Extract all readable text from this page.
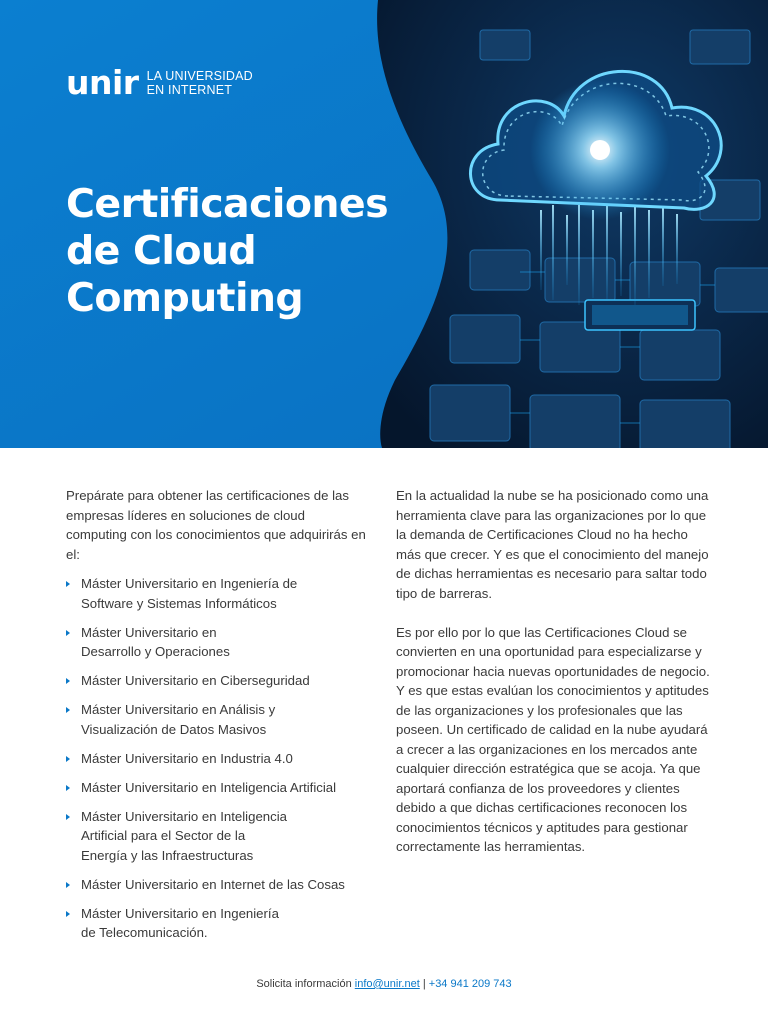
unir LA UNIVERSIDAD
EN INTERNET
Certificaciones
de Cloud
Computing

Prepárate para obtener las certificaciones de las empresas líderes en soluciones de cloud computing con los conocimientos que adquirirás en el:

Máster Universitario en Ingeniería de
Software y Sistemas Informáticos
Máster Universitario en
Desarrollo y Operaciones
Máster Universitario en Ciberseguridad
Máster Universitario en Análisis y
Visualización de Datos Masivos
Máster Universitario en Industria 4.0
Máster Universitario en Inteligencia Artificial
Máster Universitario en Inteligencia
Artificial para el Sector de la
Energía y las Infraestructuras
Máster Universitario en Internet de las Cosas
Máster Universitario en Ingeniería
de Telecomunicación.

En la actualidad la nube se ha posicionado como una herramienta clave para las organizaciones por lo que la demanda de Certificaciones Cloud no ha hecho más que crecer. Y es que el conocimiento del manejo de dichas herramientas es necesario para saltar todo tipo de barreras.

Es por ello por lo que las Certificaciones Cloud se convierten en una oportunidad para especializarse y promocionar hacia nuevas oportunidades de negocio. Y es que estas evalúan los conocimientos y aptitudes de las organizaciones y los profesionales que las poseen. Un certificado de calidad en la nube ayudará a crecer a las organizaciones en los mercados ante cualquier dirección estratégica que se acoja. Ya que aportará confianza de los proveedores y clientes debido a que dichas certificaciones reconocen los conocimientos técnicos y aptitudes para gestionar correctamente las herramientas.

Solicita información info@unir.net | +34 941 209 743
